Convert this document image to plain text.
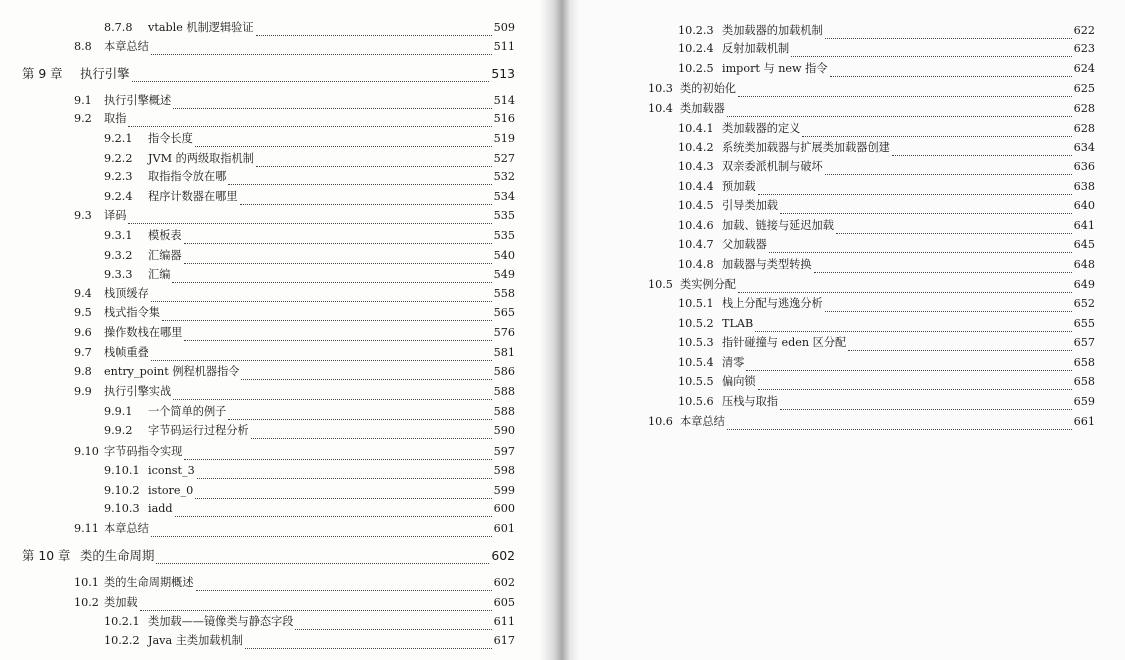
8.7.8	vtable 机制逻辑验证	509
8.8	本章总结	511
第 9 章	执行引擎	513
9.1	执行引擎概述	514
9.2	取指	516
9.2.1	指令长度	519
9.2.2	JVM 的两级取指机制	527
9.2.3	取指指令放在哪	532
9.2.4	程序计数器在哪里	534
9.3	译码	535
9.3.1	模板表	535
9.3.2	汇编器	540
9.3.3	汇编	549
9.4	栈顶缓存	558
9.5	栈式指令集	565
9.6	操作数栈在哪里	576
9.7	栈帧重叠	581
9.8	entry_point 例程机器指令	586
9.9	执行引擎实战	588
9.9.1	一个简单的例子	588
9.9.2	字节码运行过程分析	590
9.10 字节码指令实现	597
9.10.1 iconst_3	598
9.10.2 istore_0	599
9.10.3 iadd	600
9.11 本章总结	601
第 10 章 类的生命周期	602
10.1 类的生命周期概述	602
10.2 类加载	605
10.2.1 类加载——镜像类与静态字段	611
10.2.2 Java 主类加载机制	617
10.2.3 类加载器的加载机制	622
10.2.4 反射加载机制	623
10.2.5 import 与 new 指令	624
10.3 类的初始化	625
10.4 类加载器	628
10.4.1 类加载器的定义	628
10.4.2 系统类加载器与扩展类加载器创建	634
10.4.3 双亲委派机制与破坏	636
10.4.4 预加载	638
10.4.5 引导类加载	640
10.4.6 加载、链接与延迟加载	641
10.4.7 父加载器	645
10.4.8 加载器与类型转换	648
10.5 类实例分配	649
10.5.1 栈上分配与逃逸分析	652
10.5.2 TLAB	655
10.5.3 指针碰撞与 eden 区分配	657
10.5.4 清零	658
10.5.5 偏向锁	658
10.5.6 压栈与取指	659
10.6 本章总结	661
